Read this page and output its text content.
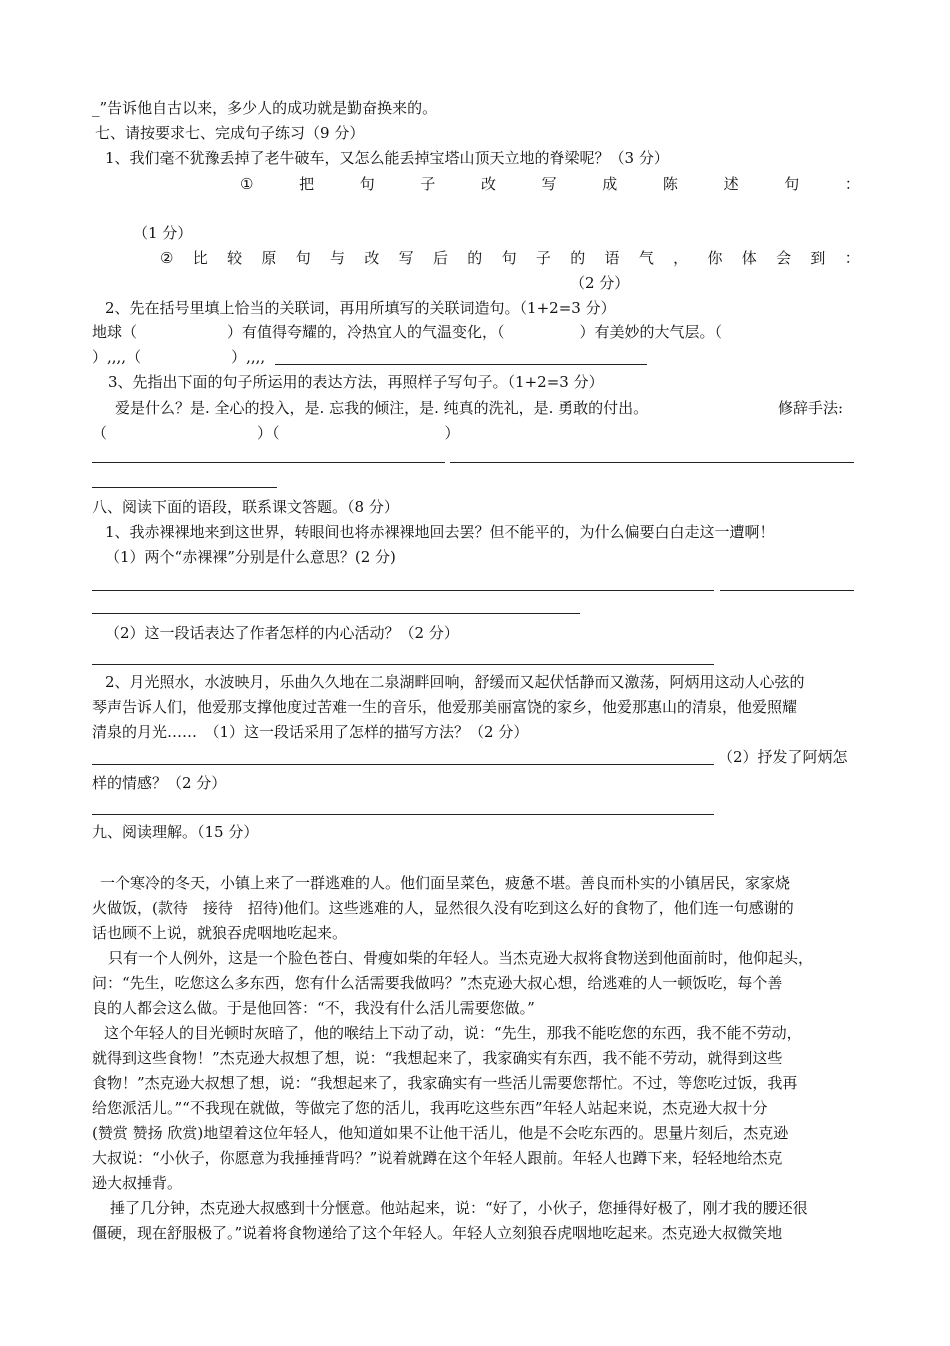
_”告诉他自古以来，多少人的成功就是勤奋换来的。
七、请按要求七、完成句子练习（9 分）
1、我们毫不犹豫丢掉了老牛破车，又怎么能丢掉宝塔山顶天立地的脊梁呢？（3 分）
①	把	句	子	改	写	成	陈	述	句	：
（1 分）
② 比 较 原 句 与 改 写 后 的 句 子 的 语 气 ， 你 体 会 到 ：
（2 分）
2、先在括号里填上恰当的关联词，再用所填写的关联词造句。（1+2=3 分）
地球（　　　　　　）有值得夸耀的，冷热宜人的气温变化，（　　　　　）有美妙的大气层。（
）,,,,（　　　　　　）,,,,
3、先指出下面的句子所运用的表达方法，再照样子写句子。（1+2=3 分）
爱是什么？是. 全心的投入，是. 忘我的倾注，是. 纯真的洗礼，是. 勇敢的付出。	修辞手法:
（　　　　　　　　　　）（　　　　　　　　　　　）
八、阅读下面的语段，联系课文答题。（8 分）
1、我赤裸裸地来到这世界，转眼间也将赤裸裸地回去罢？但不能平的，为什么偏要白白走这一遭啊！
（1）两个“赤裸裸”分别是什么意思？(2 分)
（2）这一段话表达了作者怎样的内心活动？（2 分）
2、月光照水，水波映月，乐曲久久地在二泉湖畔回响，舒缓而又起伏恬静而又激荡，阿炳用这动人心弦的
琴声告诉人们，他爱那支撑他度过苦难一生的音乐，他爱那美丽富饶的家乡，他爱那惠山的清泉，他爱照耀
清泉的月光……　（1）这一段话采用了怎样的描写方法？（2 分）
（2）抒发了阿炳怎
样的情感？（2 分）
九、阅读理解。（15 分）
一个寒冷的冬天，小镇上来了一群逃难的人。他们面呈菜色，疲惫不堪。善良而朴实的小镇居民，家家烧
火做饭，(款待　接待　招待)他们。这些逃难的人，显然很久没有吃到这么好的食物了，他们连一句感谢的
话也顾不上说，就狼吞虎咽地吃起来。
只有一个人例外，这是一个脸色苍白、骨瘦如柴的年轻人。当杰克逊大叔将食物送到他面前时，他仰起头，
问：“先生，吃您这么多东西，您有什么活需要我做吗？”杰克逊大叔心想，给逃难的人一顿饭吃，每个善
良的人都会这么做。于是他回答：“不，我没有什么活儿需要您做。”
这个年轻人的目光顿时灰暗了，他的喉结上下动了动，说：“先生，那我不能吃您的东西，我不能不劳动，
就得到这些食物！”杰克逊大叔想了想，说：“我想起来了，我家确实有东西，我不能不劳动，就得到这些
食物！”杰克逊大叔想了想，说：“我想起来了，我家确实有一些活儿需要您帮忙。不过，等您吃过饭，我再
给您派活儿。”“不我现在就做，等做完了您的活儿，我再吃这些东西”年轻人站起来说，杰克逊大叔十分
(赞赏 赞扬 欣赏)地望着这位年轻人，他知道如果不让他干活儿，他是不会吃东西的。思量片刻后，杰克逊
大叔说：“小伙子，你愿意为我捶捶背吗？”说着就蹲在这个年轻人跟前。年轻人也蹲下来，轻轻地给杰克
逊大叔捶背。
捶了几分钟，杰克逊大叔感到十分惬意。他站起来，说：“好了，小伙子，您捶得好极了，刚才我的腰还很
僵硬，现在舒服极了。”说着将食物递给了这个年轻人。年轻人立刻狼吞虎咽地吃起来。杰克逊大叔微笑地
